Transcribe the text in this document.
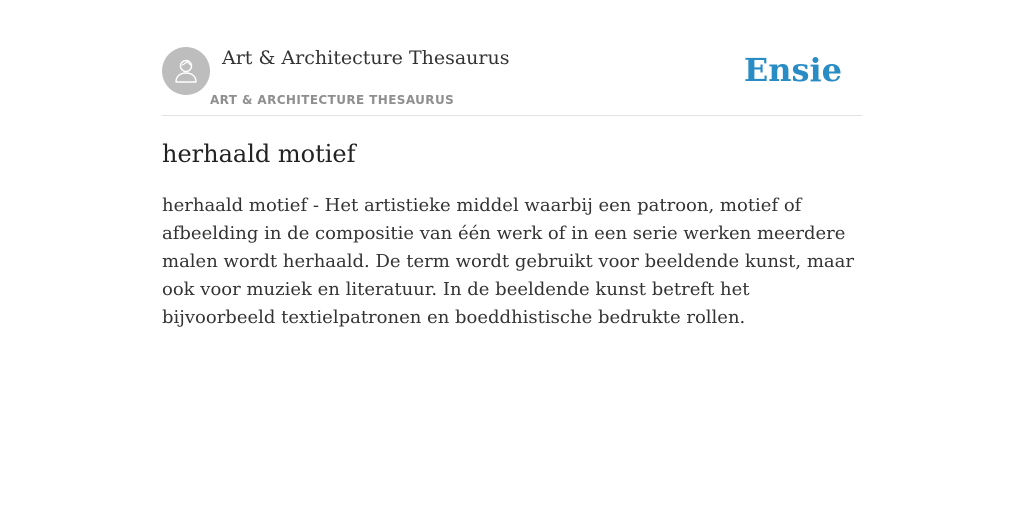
Art & Architecture Thesaurus
ART & ARCHITECTURE THESAURUS
Ensie
herhaald motief

herhaald motief - Het artistieke middel waarbij een patroon, motief of afbeelding in de compositie van één werk of in een serie werken meerdere malen wordt herhaald. De term wordt gebruikt voor beeldende kunst, maar ook voor muziek en literatuur. In de beeldende kunst betreft het bijvoorbeeld textielpatronen en boeddhistische bedrukte rollen.
